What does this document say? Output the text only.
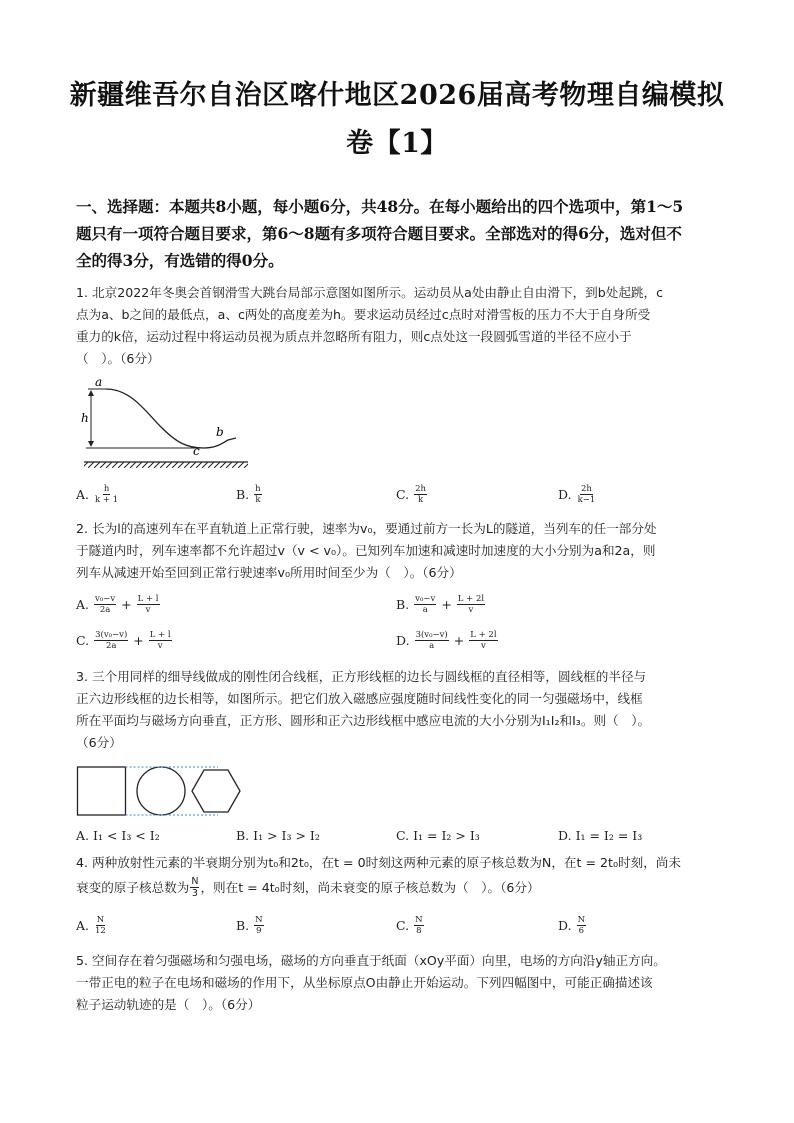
新疆维吾尔自治区喀什地区2026届高考物理自编模拟
卷【1】
一、选择题：本题共8小题，每小题6分，共48分。在每小题给出的四个选项中，第1～5
题只有一项符合题目要求，第6～8题有多项符合题目要求。全部选对的得6分，选对但不
全的得3分，有选错的得0分。
1. 北京2022年冬奥会首钢滑雪大跳台局部示意图如图所示。运动员从a处由静止自由滑下，到b处起跳，c
点为a、b之间的最低点，a、c两处的高度差为h。要求运动员经过c点时对滑雪板的压力不大于自身所受
重力的k倍，运动过程中将运动员视为质点并忽略所有阻力，则c点处这一段圆弧雪道的半径不应小于
（　）。（6分）
a
h
b
c
A. $\frac{h}{k + 1}$	B. $\frac{h}{k}$	C. $\frac{2h}{k}$	D. $\frac{2h}{k-1}$
2. 长为l的高速列车在平直轨道上正常行驶，速率为v₀，要通过前方一长为L的隧道，当列车的任一部分处
于隧道内时，列车速率都不允许超过v（v < v₀）。已知列车加速和减速时加速度的大小分别为a和2a，则
列车从减速开始至回到正常行驶速率v₀所用时间至少为（　）。（6分）
A. $\frac{\text{v₀−v}}{2a} + \frac{L + l}{v}$	B. $\frac{\text{v₀−v}}{a} + \frac{L + 2l}{v}$
C. $\frac{\text{3(v₀−v)}}{2a} + \frac{L + l}{v}$	D. $\frac{\text{3(v₀−v)}}{a} + \frac{L + 2l}{v}$
3. 三个用同样的细导线做成的刚性闭合线框，正方形线框的边长与圆线框的直径相等，圆线框的半径与
正六边形线框的边长相等，如图所示。把它们放入磁感应强度随时间线性变化的同一匀强磁场中，线框
所在平面均与磁场方向垂直，正方形、圆形和正六边形线框中感应电流的大小分别为I₁I₂和I₃。则（　）。
（6分）
A. I₁ < I₃ < I₂	B. I₁ > I₃ > I₂	C. I₁ = I₂ > I₃	D. I₁ = I₂ = I₃
4. 两种放射性元素的半衰期分别为t₀和2t₀，在t = 0时刻这两种元素的原子核总数为N，在t = 2t₀时刻，尚未
衰变的原子核总数为 $\frac{N}{3}$ ，则在t = 4t₀时刻，尚未衰变的原子核总数为（　）。（6分）
A. $\frac{N}{12}$	B. $\frac{N}{9}$	C. $\frac{N}{8}$	D. $\frac{N}{6}$
5. 空间存在着匀强磁场和匀强电场，磁场的方向垂直于纸面（xOy平面）向里，电场的方向沿y轴正方向。
一带正电的粒子在电场和磁场的作用下，从坐标原点O由静止开始运动。下列四幅图中，可能正确描述该
粒子运动轨迹的是（　）。（6分）
